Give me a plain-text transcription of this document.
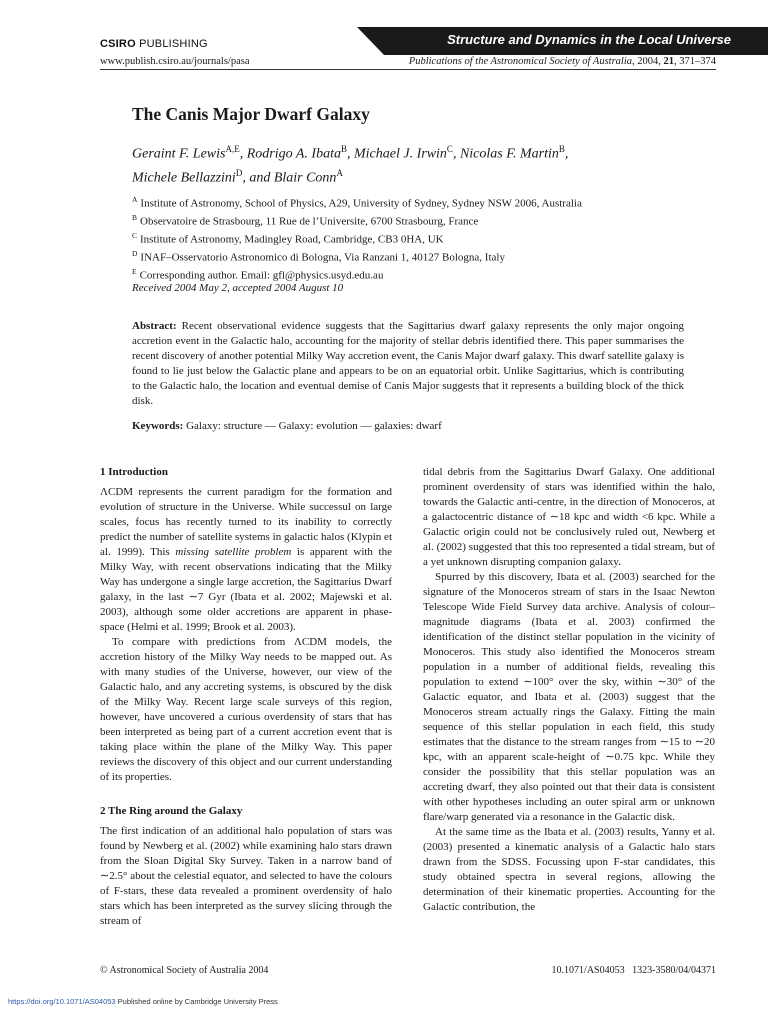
CSIRO PUBLISHING	Structure and Dynamics in the Local Universe
www.publish.csiro.au/journals/pasa	Publications of the Astronomical Society of Australia, 2004, 21, 371–374
The Canis Major Dwarf Galaxy
Geraint F. Lewis$^{A,E}$, Rodrigo A. Ibata$^B$, Michael J. Irwin$^C$, Nicolas F. Martin$^B$,
Michele Bellazzini$^D$, and Blair Conn$^A$
$^A$ Institute of Astronomy, School of Physics, A29, University of Sydney, Sydney NSW 2006, Australia
$^B$ Observatoire de Strasbourg, 11 Rue de l’Universite, 6700 Strasbourg, France
$^C$ Institute of Astronomy, Madingley Road, Cambridge, CB3 0HA, UK
$^D$ INAF–Osservatorio Astronomico di Bologna, Via Ranzani 1, 40127 Bologna, Italy
$^E$ Corresponding author. Email: gfl@physics.usyd.edu.au
Received 2004 May 2, accepted 2004 August 10
Abstract: Recent observational evidence suggests that the Sagittarius dwarf galaxy represents the only major ongoing accretion event in the Galactic halo, accounting for the majority of stellar debris identified there. This paper summarises the recent discovery of another potential Milky Way accretion event, the Canis Major dwarf galaxy. This dwarf satellite galaxy is found to lie just below the Galactic plane and appears to be on an equatorial orbit. Unlike Sagittarius, which is contributing to the Galactic halo, the location and eventual demise of Canis Major suggests that it represents a building block of the thick disk.
Keywords: Galaxy: structure — Galaxy: evolution — galaxies: dwarf
1 Introduction

ΛCDM represents the current paradigm for the formation and evolution of structure in the Universe. While successul on large scales, focus has recently turned to its inability to correctly predict the number of satellite systems in galactic halos (Klypin et al. 1999). This missing satellite problem is apparent with the Milky Way, with recent observations indicating that the Milky Way has undergone a single large accretion, the Sagittarius Dwarf galaxy, in the last ∼7 Gyr (Ibata et al. 2002; Majewski et al. 2003), although some older accretions are apparent in phase-space (Helmi et al. 1999; Brook et al. 2003).

To compare with predictions from ΛCDM models, the accretion history of the Milky Way needs to be mapped out. As with many studies of the Universe, however, our view of the Galactic halo, and any accreting systems, is obscured by the disk of the Milky Way. Recent large scale surveys of this region, however, have uncovered a curious overdensity of stars that has been interpreted as being part of a current accretion event that is taking place within the plane of the Milky Way. This paper reviews the discovery of this object and our current understanding of its properties.

2 The Ring around the Galaxy

The first indication of an additional halo population of stars was found by Newberg et al. (2002) while examining halo stars drawn from the Sloan Digital Sky Survey. Taken in a narrow band of ∼2.5° about the celestial equator, and selected to have the colours of F-stars, these data revealed a prominent overdensity of halo stars which has been interpreted as the survey slicing through the stream of

tidal debris from the Sagittarius Dwarf Galaxy. One additional prominent overdensity of stars was identified within the halo, towards the Galactic anti-centre, in the direction of Monoceros, at a galactocentric distance of ∼18 kpc and width <6 kpc. While a Galactic origin could not be conclusively ruled out, Newberg et al. (2002) suggested that this too represented a tidal stream, but of a yet unknown disrupting companion galaxy.

Spurred by this discovery, Ibata et al. (2003) searched for the signature of the Monoceros stream of stars in the Isaac Newton Telescope Wide Field Survey data archive. Analysis of colour–magnitude diagrams (Ibata et al. 2003) confirmed the identification of the distinct stellar population in the vicinity of Monoceros. This study also identified the Monoceros stream population in a number of additional fields, revealing this population to extend ∼100° over the sky, within ∼30° of the Galactic equator, and Ibata et al. (2003) suggest that the Monoceros stream actually rings the Galaxy. Fitting the main sequence of this stellar population in each field, this study estimates that the distance to the stream ranges from ∼15 to ∼20 kpc, with an apparent scale-height of ∼0.75 kpc. While they consider the possibility that this stellar population was an accreting dwarf, they also pointed out that their data is consistent with other hypotheses including an outer spiral arm or unknown flare/warp generated via a resonance in the Galactic disk.

At the same time as the Ibata et al. (2003) results, Yanny et al. (2003) presented a kinematic analysis of a Galactic halo stars drawn from the SDSS. Focussing upon F-star candidates, this study obtained spectra in several regions, allowing the determination of their kinematic properties. Accounting for the Galactic contribution, the

© Astronomical Society of Australia 2004	10.1071/AS04053 1323-3580/04/04371
https://doi.org/10.1071/AS04053 Published online by Cambridge University Press
